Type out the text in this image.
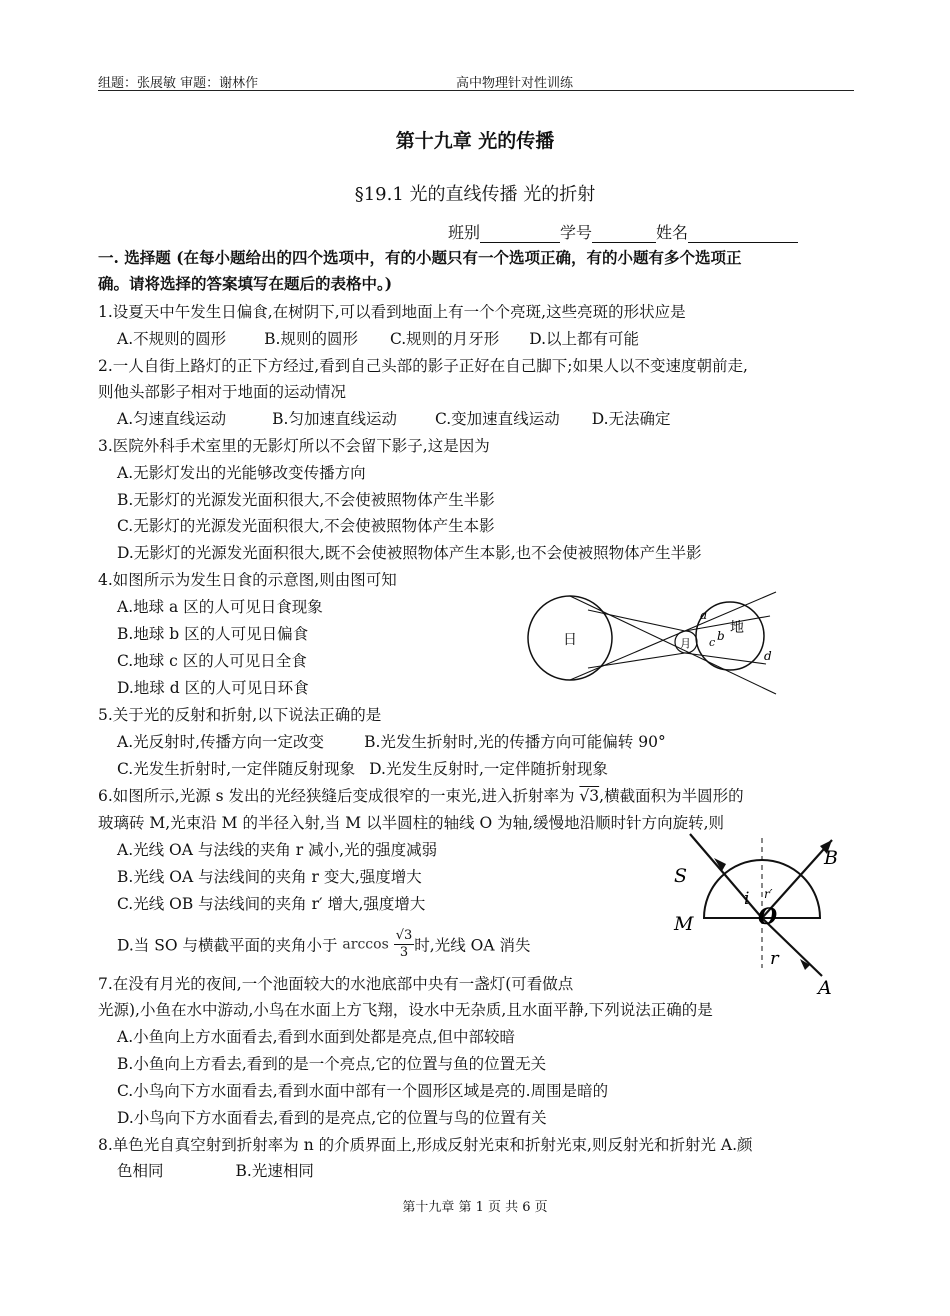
组题：张展敏 审题：谢林作	高中物理针对性训练
第十九章 光的传播
§19.1 光的直线传播 光的折射
班别	学号	姓名
一. 选择题 (在每小题给出的四个选项中，有的小题只有一个选项正确，有的小题有多个选项正
确。请将选择的答案填写在题后的表格中。)
1.设夏天中午发生日偏食,在树阴下,可以看到地面上有一个个亮斑,这些亮斑的形状应是
A.不规则的圆形 B.规则的圆形 C.规则的月牙形 D.以上都有可能
2.一人自街上路灯的正下方经过,看到自己头部的影子正好在自己脚下;如果人以不变速度朝前走,
则他头部影子相对于地面的运动情况
A.匀速直线运动	B.匀加速直线运动 C.变加速直线运动 D.无法确定
3.医院外科手术室里的无影灯所以不会留下影子,这是因为
A.无影灯发出的光能够改变传播方向
B.无影灯的光源发光面积很大,不会使被照物体产生半影
C.无影灯的光源发光面积很大,不会使被照物体产生本影
D.无影灯的光源发光面积很大,既不会使被照物体产生本影,也不会使被照物体产生半影
4.如图所示为发生日食的示意图,则由图可知
A.地球 a 区的人可见日食现象
B.地球 b 区的人可见日偏食
C.地球 c 区的人可见日全食
D.地球 d 区的人可见日环食
日	月
地
a
b
c
d
5.关于光的反射和折射,以下说法正确的是
A.光反射时,传播方向一定改变	B.光发生折射时,光的传播方向可能偏转 90°
C.光发生折射时,一定伴随反射现象 D.光发生反射时,一定伴随折射现象
6.如图所示,光源 s 发出的光经狭缝后变成很窄的一束光,进入折射率为 √3,横截面积为半圆形的
玻璃砖 M,光束沿 M 的半径入射,当 M 以半圆柱的轴线 O 为轴,缓慢地沿顺时针方向旋转,则
A.光线 OA 与法线的夹角 r 减小,光的强度减弱
B.光线 OA 与法线间的夹角 r 变大,强度增大
C.光线 OB 与法线间的夹角 r′ 增大,强度增大
D.当 SO 与横截平面的夹角小于 $\arccos \frac{√3}{3}$ 时,光线 OA 消失
S
B
M	O
i r′
r
A
7.在没有月光的夜间,一个池面较大的水池底部中央有一盏灯(可看做点
光源),小鱼在水中游动,小鸟在水面上方飞翔，设水中无杂质,且水面平静,下列说法正确的是
A.小鱼向上方水面看去,看到水面到处都是亮点,但中部较暗
B.小鱼向上方看去,看到的是一个亮点,它的位置与鱼的位置无关
C.小鸟向下方水面看去,看到水面中部有一个圆形区域是亮的.周围是暗的
D.小鸟向下方水面看去,看到的是亮点,它的位置与鸟的位置有关
8.单色光自真空射到折射率为 n 的介质界面上,形成反射光束和折射光束,则反射光和折射光 A.颜
色相同	B.光速相同
第十九章 第 1 页 共 6 页
